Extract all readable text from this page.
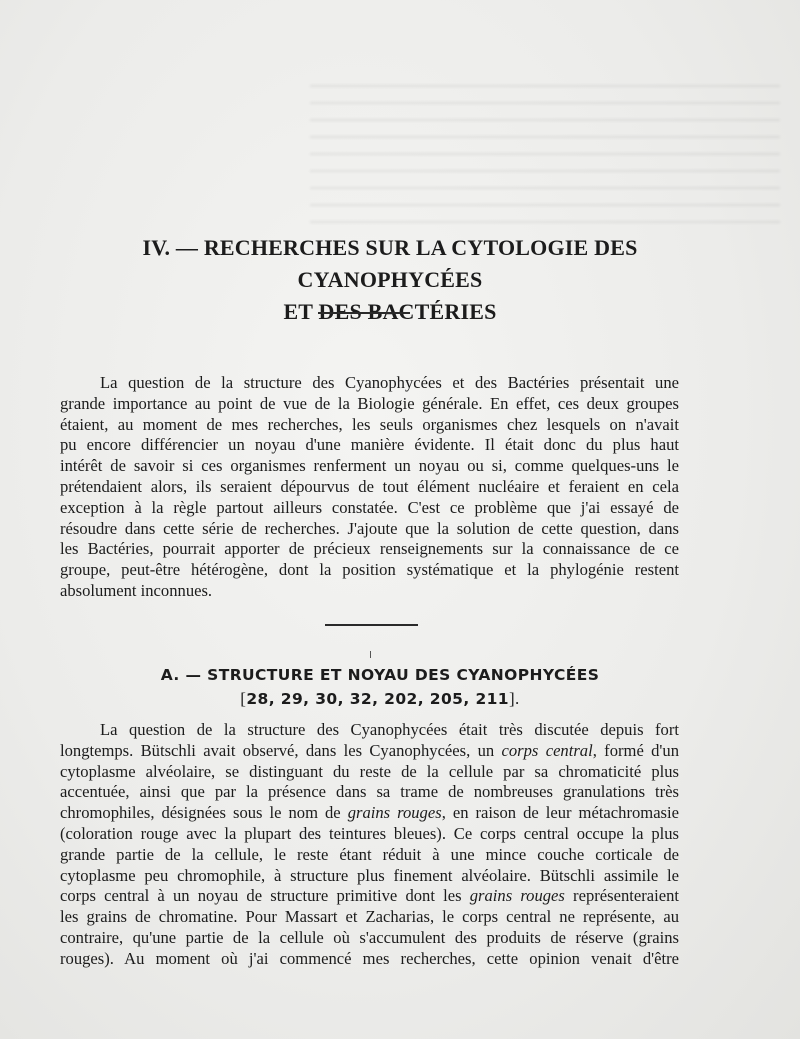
IV. — RECHERCHES SUR LA CYTOLOGIE DES CYANOPHYCÉES
ET DES BACTÉRIES

La question de la structure des Cyanophycées et des Bactéries présentait une
grande importance au point de vue de la Biologie générale. En effet, ces deux groupes
étaient, au moment de mes recherches, les seuls organismes chez lesquels on n'avait
pu encore différencier un noyau d'une manière évidente. Il était donc du plus haut
intérêt de savoir si ces organismes renferment un noyau ou si, comme quelques-uns le
prétendaient alors, ils seraient dépourvus de tout élément nucléaire et feraient en cela
exception à la règle partout ailleurs constatée. C'est ce problème que j'ai essayé de
résoudre dans cette série de recherches. J'ajoute que la solution de cette question, dans
les Bactéries, pourrait apporter de précieux renseignements sur la connaissance de ce
groupe, peut-être hétérogène, dont la position systématique et la phylogénie restent
absolument inconnues.

A. — STRUCTURE ET NOYAU DES CYANOPHYCÉES
[28, 29, 30, 32, 202, 205, 211].

La question de la structure des Cyanophycées était très discutée depuis fort
longtemps. Bütschli avait observé, dans les Cyanophycées, un corps central, formé d'un
cytoplasme alvéolaire, se distinguant du reste de la cellule par sa chromaticité plus
accentuée, ainsi que par la présence dans sa trame de nombreuses granulations très
chromophiles, désignées sous le nom de grains rouges, en raison de leur métachromasie
(coloration rouge avec la plupart des teintures bleues). Ce corps central occupe la plus
grande partie de la cellule, le reste étant réduit à une mince couche corticale de
cytoplasme peu chromophile, à structure plus finement alvéolaire. Bütschli assimile le
corps central à un noyau de structure primitive dont les grains rouges représenteraient
les grains de chromatine. Pour Massart et Zacharias, le corps central ne représente, au
contraire, qu'une partie de la cellule où s'accumulent des produits de réserve (grains
rouges). Au moment où j'ai commencé mes recherches, cette opinion venait d'être
